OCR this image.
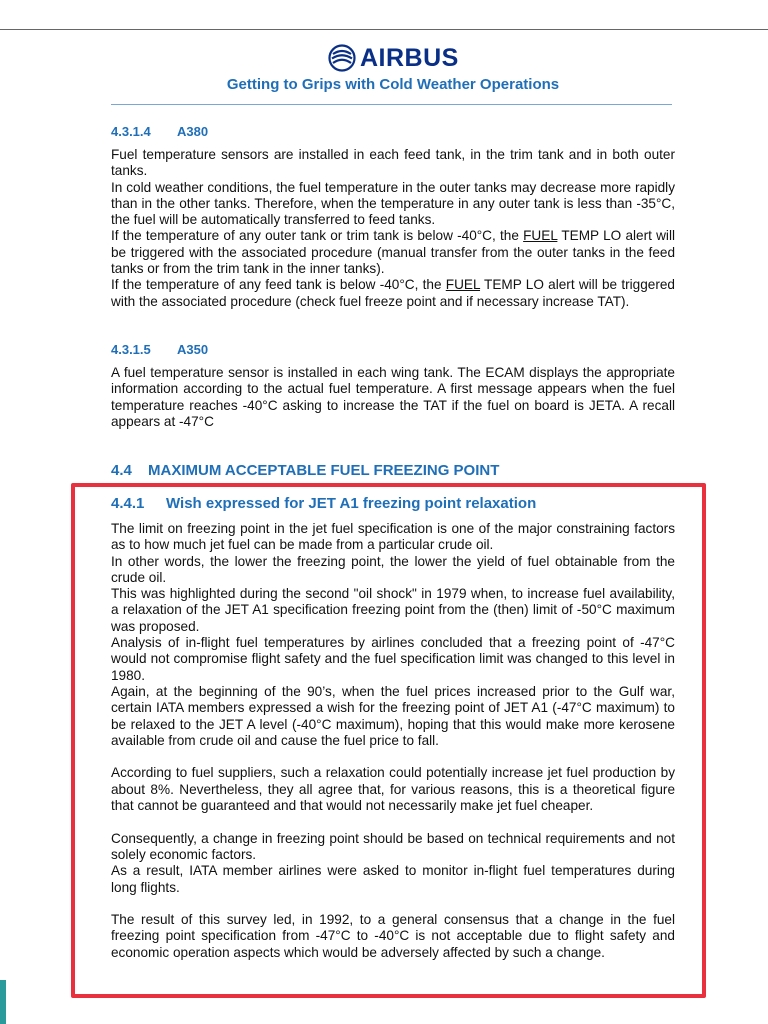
AIRBUS
Getting to Grips with Cold Weather Operations
4.3.1.4 A380

Fuel temperature sensors are installed in each feed tank, in the trim tank and in both outer tanks.

In cold weather conditions, the fuel temperature in the outer tanks may decrease more rapidly than in the other tanks. Therefore, when the temperature in any outer tank is less than -35°C, the fuel will be automatically transferred to feed tanks.

If the temperature of any outer tank or trim tank is below -40°C, the FUEL TEMP LO alert will be triggered with the associated procedure (manual transfer from the outer tanks in the feed tanks or from the trim tank in the inner tanks).

If the temperature of any feed tank is below -40°C, the FUEL TEMP LO alert will be triggered with the associated procedure (check fuel freeze point and if necessary increase TAT).

4.3.1.5 A350

A fuel temperature sensor is installed in each wing tank. The ECAM displays the appropriate information according to the actual fuel temperature. A first message appears when the fuel temperature reaches -40°C asking to increase the TAT if the fuel on board is JETA. A recall appears at -47°C

4.4 MAXIMUM ACCEPTABLE FUEL FREEZING POINT
4.4.1 Wish expressed for JET A1 freezing point relaxation

The limit on freezing point in the jet fuel specification is one of the major constraining factors as to how much jet fuel can be made from a particular crude oil.

In other words, the lower the freezing point, the lower the yield of fuel obtainable from the crude oil.

This was highlighted during the second "oil shock" in 1979 when, to increase fuel availability, a relaxation of the JET A1 specification freezing point from the (then) limit of -50°C maximum was proposed.

Analysis of in-flight fuel temperatures by airlines concluded that a freezing point of -47°C would not compromise flight safety and the fuel specification limit was changed to this level in 1980.

Again, at the beginning of the 90’s, when the fuel prices increased prior to the Gulf war, certain IATA members expressed a wish for the freezing point of JET A1 (-47°C maximum) to be relaxed to the JET A level (-40°C maximum), hoping that this would make more kerosene available from crude oil and cause the fuel price to fall.

According to fuel suppliers, such a relaxation could potentially increase jet fuel production by about 8%. Nevertheless, they all agree that, for various reasons, this is a theoretical figure that cannot be guaranteed and that would not necessarily make jet fuel cheaper.

Consequently, a change in freezing point should be based on technical requirements and not solely economic factors.

As a result, IATA member airlines were asked to monitor in-flight fuel temperatures during long flights.

The result of this survey led, in 1992, to a general consensus that a change in the fuel freezing point specification from -47°C to -40°C is not acceptable due to flight safety and economic operation aspects which would be adversely affected by such a change.
